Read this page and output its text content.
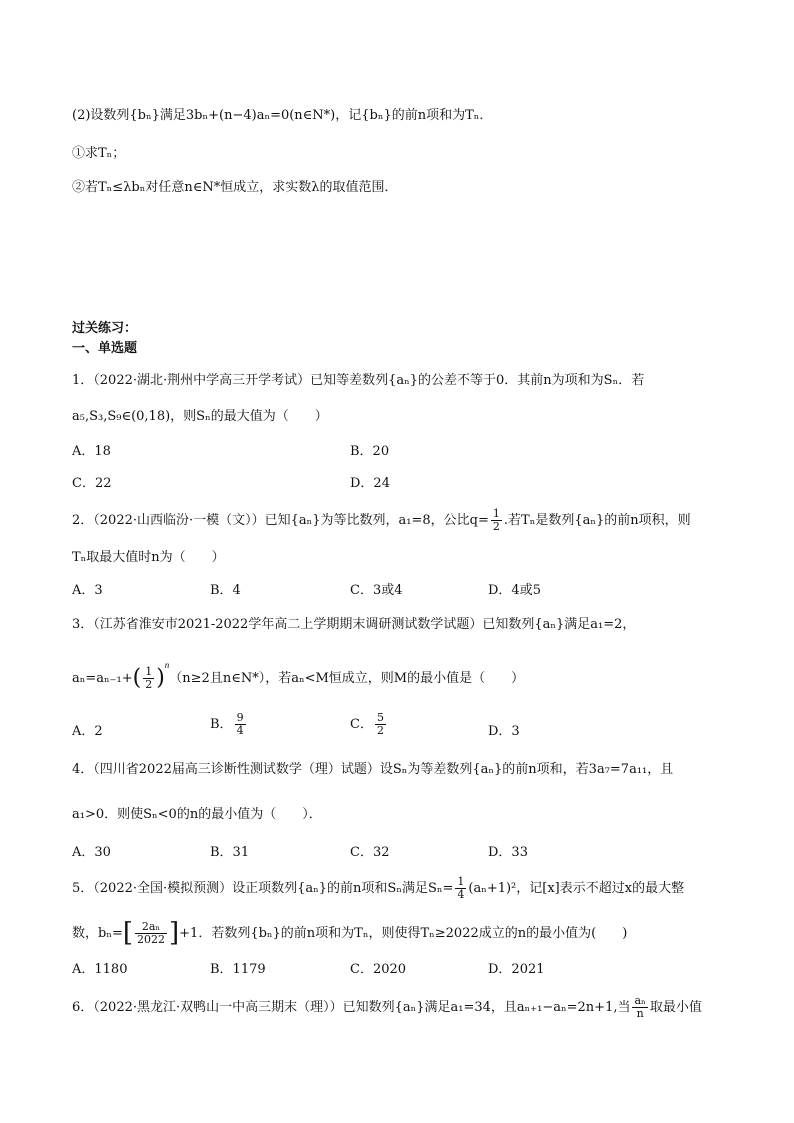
(2)设数列{bₙ}满足3bₙ+(n−4)aₙ=0(n∈N*)，记{bₙ}的前n项和为Tₙ．
①求Tₙ；
②若Tₙ≤λbₙ对任意n∈N*恒成立，求实数λ的取值范围．
过关练习：
一、单选题
1．（2022·湖北·荆州中学高三开学考试）已知等差数列{aₙ}的公差不等于0．其前n为项和为Sₙ．若
a₅,S₃,S₉∈(0,18)，则Sₙ的最大值为（　　）
A．18	B．20
C．22	D．24
2．（2022·山西临汾·一模（文））已知{aₙ}为等比数列，a₁=8，公比$q= \frac{1}{2}$ .若Tₙ是数列{aₙ}的前n项积，则
Tₙ取最大值时n为（　　）
A．3	B．4	C．3或4	D．4或5
3．（江苏省淮安市2021-2022学年高二上学期期末调研测试数学试题）已知数列{aₙ}满足a₁=2，
$a_n=a_{n-1}+( \frac{1}{2} )^n(n\ge 2$且n∈N*），若aₙ<M恒成立，则M的最小值是（　　）
A．2	B． $\frac{9}{4}$	C． $\frac{5}{2}$	D．3
4．（四川省2022届高三诊断性测试数学（理）试题）设Sₙ为等差数列{aₙ}的前n项和，若3a₇=7a₁₁，且
a₁>0．则使Sₙ<0的n的最小值为（　　）．
A．30	B．31	C．32	D．33
5．（2022·全国·模拟预测）设正项数列{aₙ}的前n项和Sₙ满足$S_n= \frac{1}{4} (a_n+1)^2$，记[x]表示不超过x的最大整
数，$b_n=[ \frac{\text{2aₙ}}{2022} ]+1$．若数列{bₙ}的前n项和为Tₙ，则使得Tₙ≥2022成立的n的最小值为(　　)
A．1180	B．1179	C．2020	D．2021
6．（2022·黑龙江·双鸭山一中高三期末（理））已知数列{aₙ}满足a₁=34，且aₙ₊₁−aₙ=2n+1,当 $\frac{\text{aₙ}}{n}$ 取最小值
